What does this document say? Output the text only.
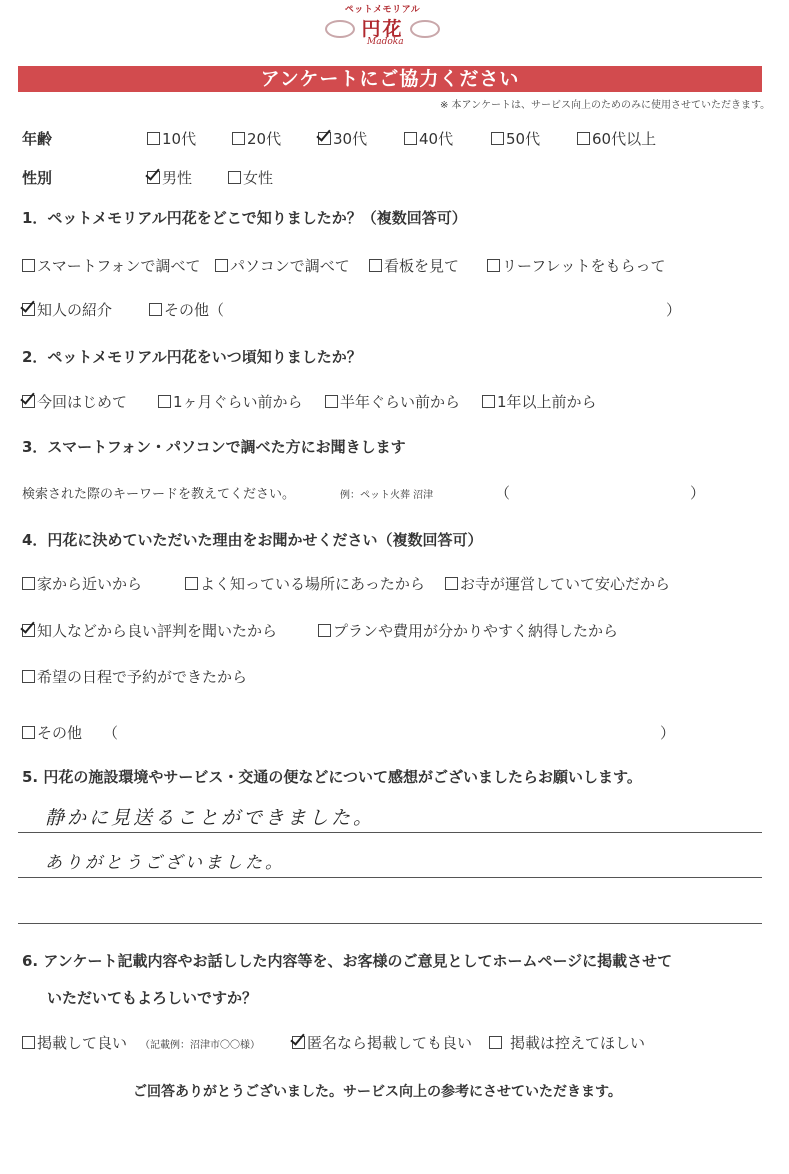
ペットメモリアル
円花
Madoka
アンケートにご協力ください
※ 本アンケートは、サービス向上のためのみに使用させていただきます。
年齢	10代	20代	30代	40代	50代	60代以上
性別	男性	女性
1．ペットメモリアル円花をどこで知りましたか？（複数回答可）
スマートフォンで調べて	パソコンで調べて	看板を見て	リーフレットをもらって
知人の紹介	その他（	）
2．ペットメモリアル円花をいつ頃知りましたか？
今回はじめて	1ヶ月ぐらい前から	半年ぐらい前から	1年以上前から
3．スマートフォン・パソコンで調べた方にお聞きします
検索された際のキーワードを教えてください。	例：ペット火葬 沼津	（	）
4．円花に決めていただいた理由をお聞かせください（複数回答可）
家から近いから	よく知っている場所にあったから	お寺が運営していて安心だから
知人などから良い評判を聞いたから	プランや費用が分かりやすく納得したから
希望の日程で予約ができたから
その他 （	）
5. 円花の施設環境やサービス・交通の便などについて感想がございましたらお願いします。
静かに見送ることができました。
ありがとうございました。
6. アンケート記載内容やお話しした内容等を、お客様のご意見としてホームページに掲載させて
いただいてもよろしいですか？
掲載して良い （記載例：沼津市〇〇様）	匿名なら掲載しても良い	掲載は控えてほしい
ご回答ありがとうございました。サービス向上の参考にさせていただきます。
